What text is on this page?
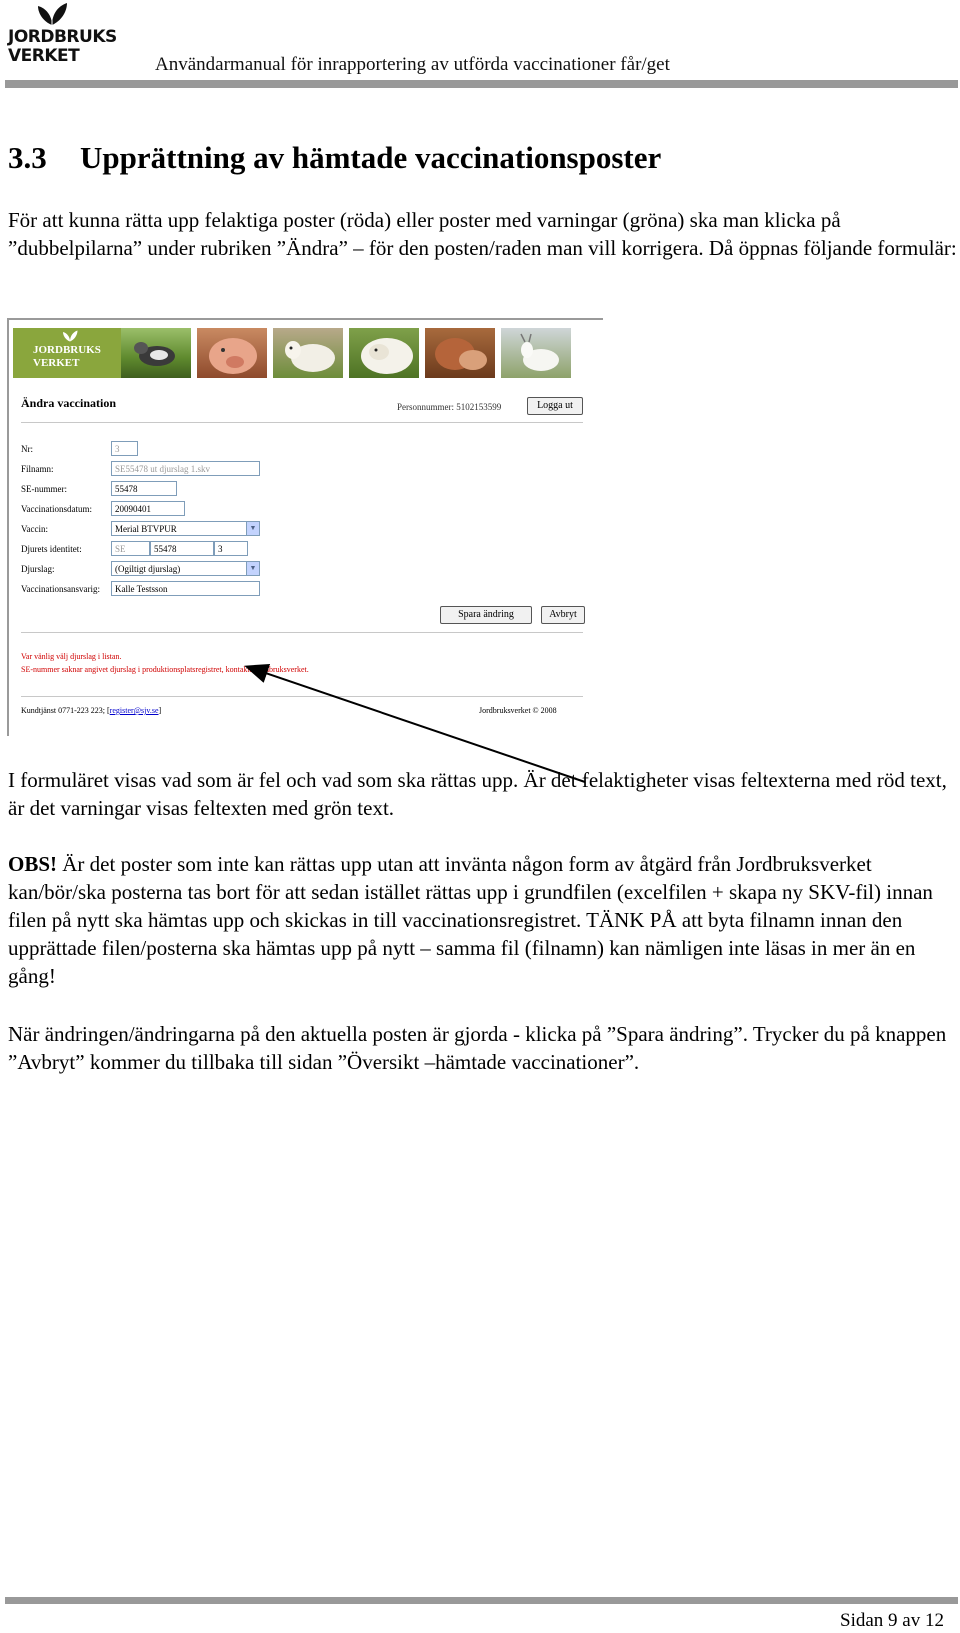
JORDBRUKS
VERKET	Användarmanual för inrapportering av utförda vaccinationer får/get
3.3 Upprättning av hämtade vaccinationsposter
För att kunna rätta upp felaktiga poster (röda) eller poster med varningar (gröna) ska man klicka på ”dubbelpilarna” under rubriken ”Ändra” – för den posten/raden man vill korrigera. Då öppnas följande formulär:
JORDBRUKS
VERKET
Ändra vaccination	Personnummer: 5102153599	Logga ut
Nr:	3
Filnamn:	SE55478 ut djurslag 1.skv
SE-nummer:	55478
Vaccinationsdatum:	20090401
Vaccin:	Merial BTVPUR	▼
Djurets identitet:	SE	55478	3
Djurslag:	(Ogiltigt djurslag)	▼
Vaccinationsansvarig:	Kalle Testsson
Spara ändring	Avbryt
Var vänlig välj djurslag i listan.
SE-nummer saknar angivet djurslag i produktionsplatsregistret, kontakta Jordbruksverket.
Kundtjänst 0771-223 223; [register@sjv.se]	Jordbruksverket © 2008
I formuläret visas vad som är fel och vad som ska rättas upp. Är det felaktigheter visas feltexterna med röd text, är det varningar visas feltexten med grön text.
OBS! Är det poster som inte kan rättas upp utan att invänta någon form av åtgärd från Jordbruksverket kan/bör/ska posterna tas bort för att sedan istället rättas upp i grundfilen (excelfilen + skapa ny SKV-fil) innan filen på nytt ska hämtas upp och skickas in till vaccinationsregistret. TÄNK PÅ att byta filnamn innan den upprättade filen/posterna ska hämtas upp på nytt – samma fil (filnamn) kan nämligen inte läsas in mer än en gång!
När ändringen/ändringarna på den aktuella posten är gjorda - klicka på ”Spara ändring”. Trycker du på knappen ”Avbryt” kommer du tillbaka till sidan ”Översikt –hämtade vaccinationer”.
Sidan 9 av 12
